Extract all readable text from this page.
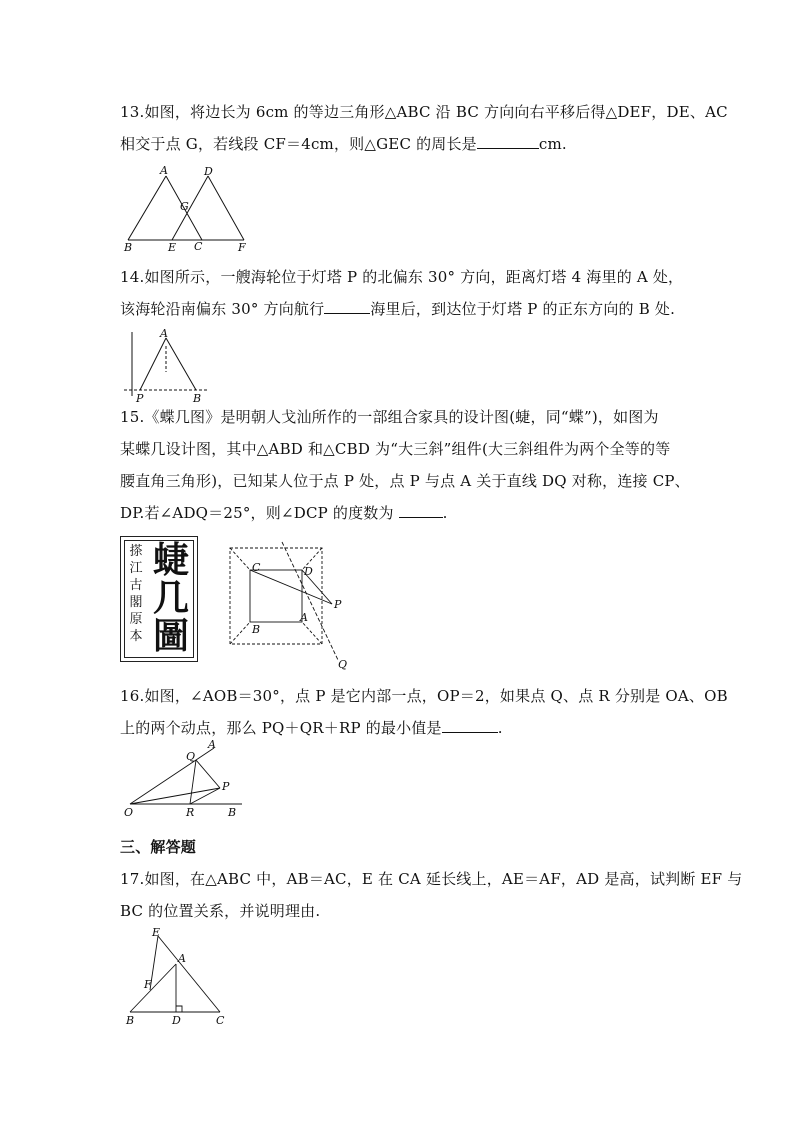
13.如图，将边长为 6cm 的等边三角形△ABC 沿 BC 方向向右平移后得△DEF，DE、AC
相交于点 G，若线段 CF＝4cm，则△GEC 的周长是	cm.
A	D
G
B	E C	F
14.如图所示，一艘海轮位于灯塔 P 的北偏东 30° 方向，距离灯塔 4 海里的 A 处，
该海轮沿南偏东 30° 方向航行	海里后，到达位于灯塔 P 的正东方向的 B 处.
A
P	B
15.《蝶几图》是明朝人戈汕所作的一部组合家具的设计图(蜨，同“蝶”)，如图为
某蝶几设计图，其中△ABD 和△CBD 为“大三斜”组件(大三斜组件为两个全等的等
腰直角三角形)，已知某人位于点 P 处，点 P 与点 A 关于直线 DQ 对称，连接 CP、
DP.若∠ADQ＝25°，则∠DCP 的度数为	.
搽江古閣原本
蜨几圖
C	D
P
B
A
Q
16.如图，∠AOB＝30°，点 P 是它内部一点，OP＝2，如果点 Q、点 R 分别是 OA、OB
上的两个动点，那么 PQ＋QR＋RP 的最小值是	.
A
Q
P
O	R	B
三、解答题
17.如图，在△ABC 中，AB＝AC，E 在 CA 延长线上，AE＝AF，AD 是高，试判断 EF 与
BC 的位置关系，并说明理由.
E
A
F
B	D	C
